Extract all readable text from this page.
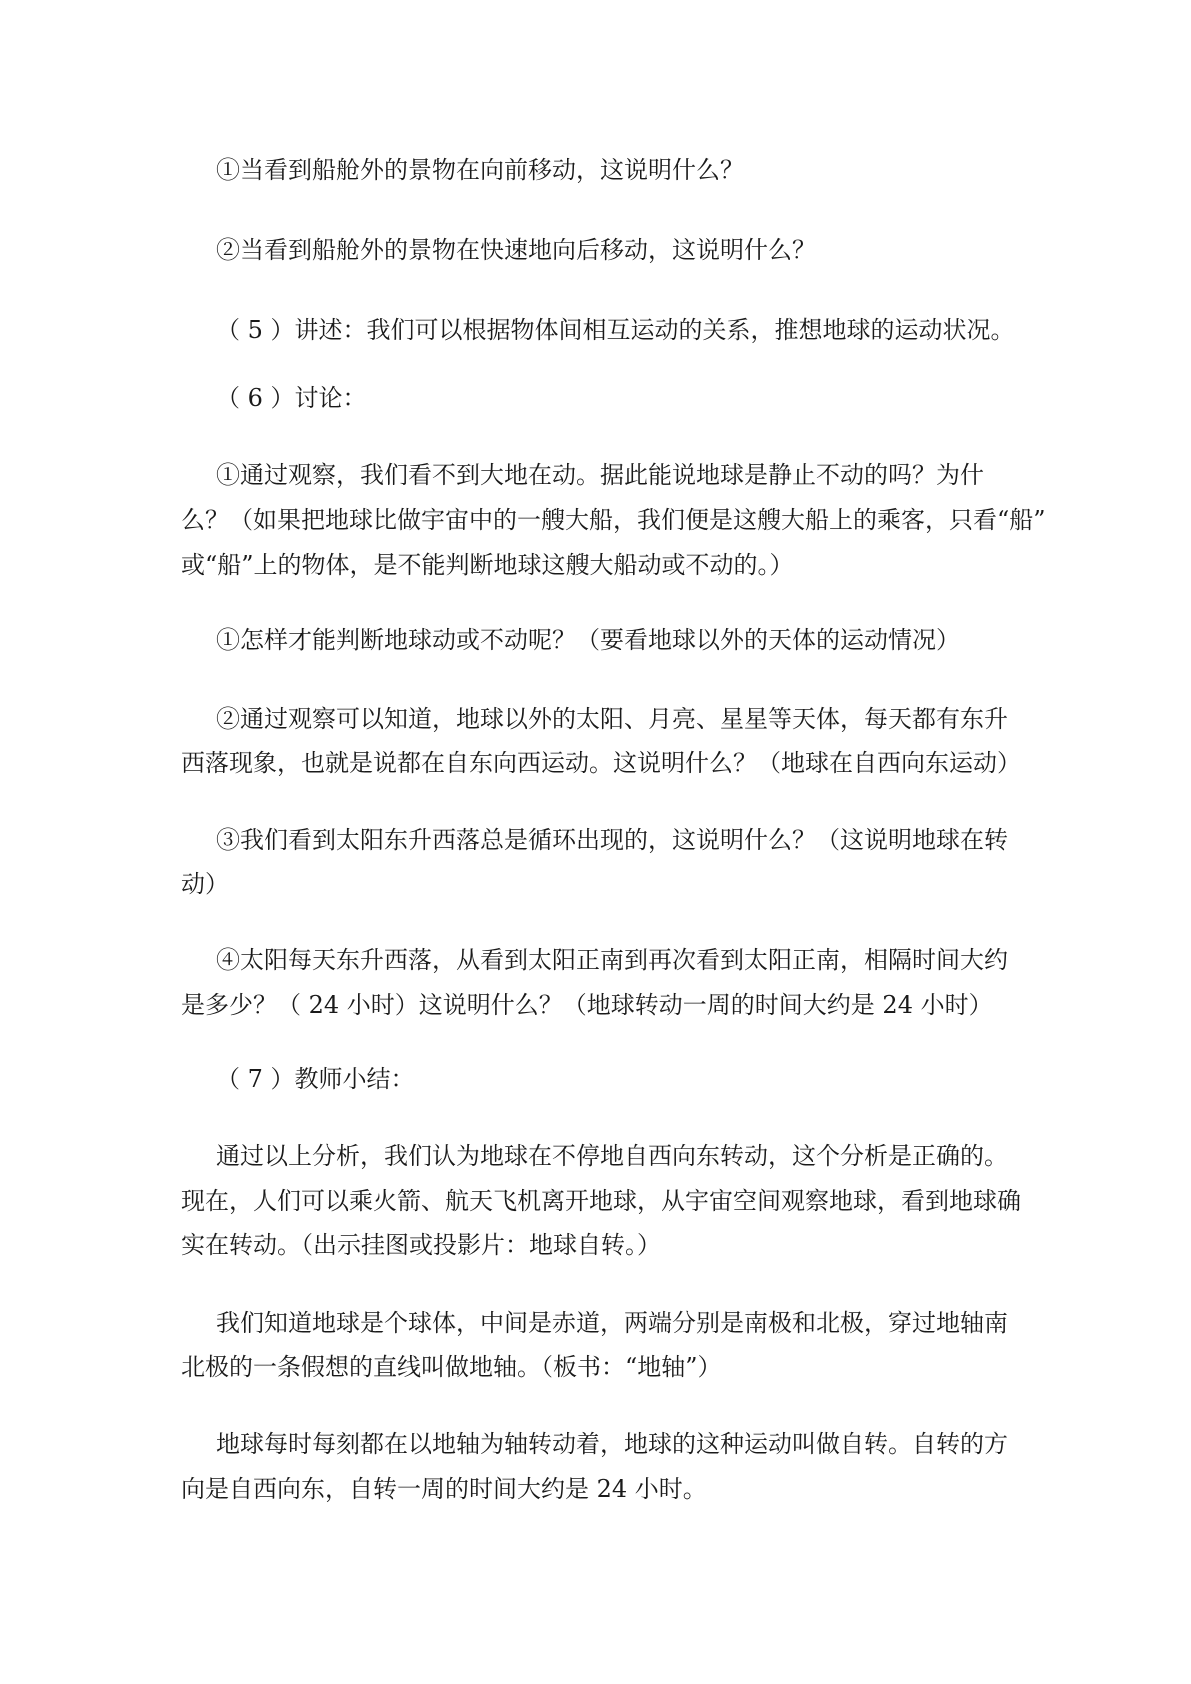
①当看到船舱外的景物在向前移动，这说明什么？
②当看到船舱外的景物在快速地向后移动，这说明什么？
（ 5 ）讲述：我们可以根据物体间相互运动的关系，推想地球的运动状况。
（ 6 ）讨论：
①通过观察，我们看不到大地在动。据此能说地球是静止不动的吗？为什
么？（如果把地球比做宇宙中的一艘大船，我们便是这艘大船上的乘客，只看“船”
或“船”上的物体，是不能判断地球这艘大船动或不动的。）
①怎样才能判断地球动或不动呢？（要看地球以外的天体的运动情况）
②通过观察可以知道，地球以外的太阳、月亮、星星等天体，每天都有东升
西落现象，也就是说都在自东向西运动。这说明什么？（地球在自西向东运动）
③我们看到太阳东升西落总是循环出现的，这说明什么？（这说明地球在转
动）
④太阳每天东升西落，从看到太阳正南到再次看到太阳正南，相隔时间大约
是多少？（ 24 小时）这说明什么？（地球转动一周的时间大约是 24 小时）
（ 7 ）教师小结：
通过以上分析，我们认为地球在不停地自西向东转动，这个分析是正确的。
现在，人们可以乘火箭、航天飞机离开地球，从宇宙空间观察地球，看到地球确
实在转动。（出示挂图或投影片：地球自转。）
我们知道地球是个球体，中间是赤道，两端分别是南极和北极，穿过地轴南
北极的一条假想的直线叫做地轴。（板书：“地轴”）
地球每时每刻都在以地轴为轴转动着，地球的这种运动叫做自转。自转的方
向是自西向东，自转一周的时间大约是 24 小时。
